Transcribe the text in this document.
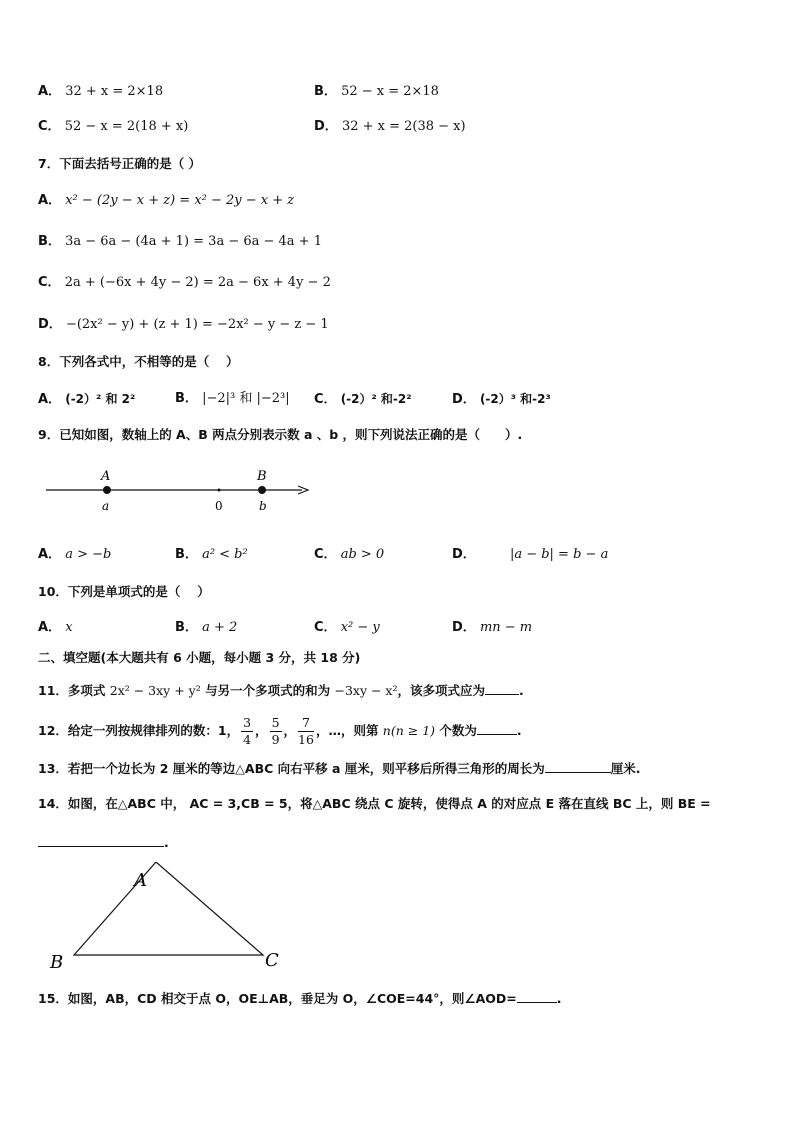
A． 32 + x = 2×18	B． 52 − x = 2×18
C． 52 − x = 2(18 + x)	D． 32 + x = 2(38 − x)
7．下面去括号正确的是（ ）
A． x² − (2y − x + z) = x² − 2y − x + z
B． 3a − 6a − (4a + 1) = 3a − 6a − 4a + 1
C． 2a + (−6x + 4y − 2) = 2a − 6x + 4y − 2
D． −(2x² − y) + (z + 1) = −2x² − y − z − 1
8．下列各式中，不相等的是（　 ）
A． (-2）² 和 2²	B． |−2|³ 和 |−2³| C． (-2）² 和-2²	D． (-2）³ 和-2³
9．已知如图，数轴上的 A、B 两点分别表示数 a 、b ，则下列说法正确的是（　　）.
A	B
a	0	b
A． a > −b	B． a² < b²	C． ab > 0	D．	|a − b| = b − a
10．下列是单项式的是（　 ）
A． x	B． a + 2	C． x² − y	D． mn − m
二、填空题(本大题共有 6 小题，每小题 3 分，共 18 分)
11．多项式 2x² − 3xy + y² 与另一个多项式的和为 −3xy − x²，该多项式应为	.
12．给定一列按规律排列的数：1， $\frac{3}{4}$ ， $\frac{5}{9}$ ， $\frac{7}{16}$ ，…，则第 n(n ≥ 1) 个数为	.
13．若把一个边长为 2 厘米的等边△ABC 向右平移 a 厘米，则平移后所得三角形的周长为	厘米.
14．如图，在△ABC 中， AC = 3,CB = 5，将△ABC 绕点 C 旋转，使得点 A 的对应点 E 落在直线 BC 上，则 BE =
.
A
B	C
15．如图，AB，CD 相交于点 O，OE⊥AB，垂足为 O，∠COE=44°，则∠AOD=	.
